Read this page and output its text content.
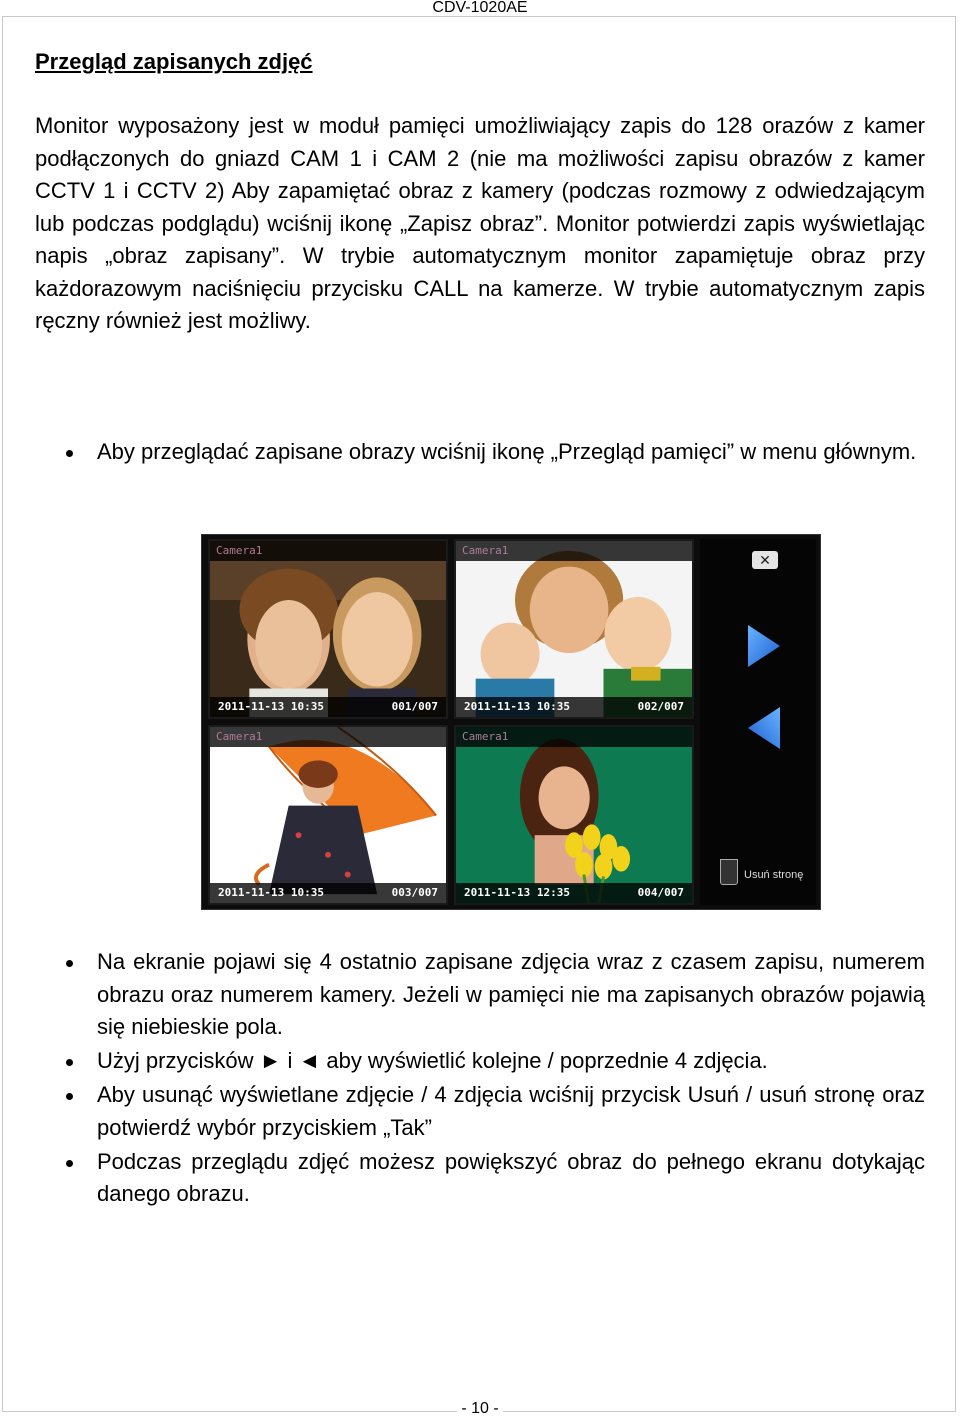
CDV-1020AE
Przegląd zapisanych zdjęć
Monitor wyposażony jest w moduł pamięci umożliwiający zapis do 128 orazów z kamer podłączonych do gniazd CAM 1 i CAM 2 (nie ma możliwości zapisu obrazów z kamer CCTV 1 i CCTV 2) Aby zapamiętać obraz z kamery (podczas rozmowy z odwiedzającym lub podczas podglądu) wciśnij ikonę „Zapisz obraz”. Monitor potwierdzi zapis wyświetlając napis „obraz zapisany”. W trybie automatycznym monitor zapamiętuje obraz przy każdorazowym naciśnięciu przycisku CALL na kamerze. W trybie automatycznym zapis ręczny również jest możliwy.
Aby przeglądać zapisane obrazy wciśnij ikonę „Przegląd pamięci” w menu głównym.
Camera1
2011-11-13 10:35	001/007
Camera1
2011-11-13 10:35	002/007
Camera1
2011-11-13 10:35	003/007
Camera1
2011-11-13 12:35	004/007
✕
Usuń stronę
Na ekranie pojawi się 4 ostatnio zapisane zdjęcia wraz z czasem zapisu, numerem obrazu oraz numerem kamery. Jeżeli w pamięci nie ma zapisanych obrazów pojawią się niebieskie pola.
Użyj przycisków ► i ◄ aby wyświetlić kolejne / poprzednie 4 zdjęcia.
Aby usunąć wyświetlane zdjęcie / 4 zdjęcia wciśnij przycisk Usuń / usuń stronę oraz potwierdź wybór przyciskiem „Tak”
Podczas przeglądu zdjęć możesz powiększyć obraz do pełnego ekranu dotykając danego obrazu.
- 10 -
